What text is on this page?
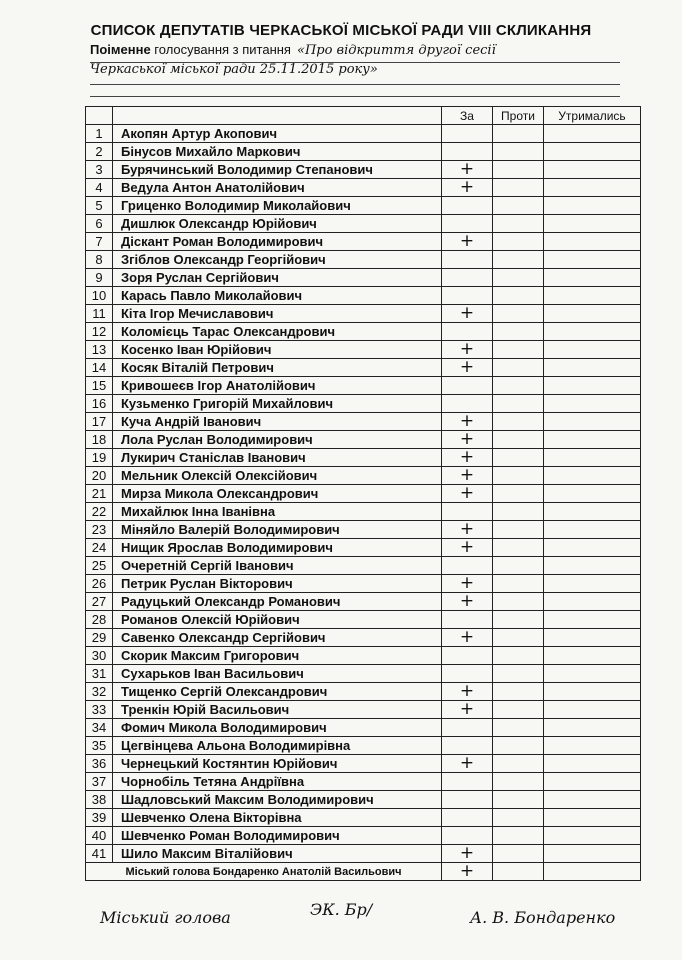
СПИСОК ДЕПУТАТІВ ЧЕРКАСЬКОЇ МІСЬКОЇ РАДИ VIII СКЛИКАННЯ
Поіменне голосування з питання «Про відкриття другої сесії
Черкаської міської ради 25.11.2015 року»
		За	Проти	Утримались
1	Акопян Артур Акопович			
2	Бінусов Михайло Маркович			
3	Бурячинський Володимир Степанович	+		
4	Ведула Антон Анатолійович	+		
5	Гриценко Володимир Миколайович			
6	Дишлюк Олександр Юрійович			
7	Діскант Роман Володимирович	+		
8	Згіблов Олександр Георгійович			
9	Зоря Руслан Сергійович			
10	Карась Павло Миколайович			
11	Кіта Ігор Мечиславович	+		
12	Коломієць Тарас Олександрович			
13	Косенко Іван Юрійович	+		
14	Косяк Віталій Петрович	+		
15	Кривошеєв Ігор Анатолійович			
16	Кузьменко Григорій Михайлович			
17	Куча Андрій Іванович	+		
18	Лола Руслан Володимирович	+		
19	Лукирич Станіслав Іванович	+		
20	Мельник Олексій Олексійович	+		
21	Мирза Микола Олександрович	+		
22	Михайлюк Інна Іванівна			
23	Міняйло Валерій Володимирович	+		
24	Нищик Ярослав Володимирович	+		
25	Очеретній Сергій Іванович			
26	Петрик Руслан Вікторович	+		
27	Радуцький Олександр Романович	+		
28	Романов Олексій Юрійович			
29	Савенко Олександр Сергійович	+		
30	Скорик Максим Григорович			
31	Сухарьков Іван Васильович			
32	Тищенко Сергій Олександрович	+		
33	Тренкін Юрій Васильович	+		
34	Фомич Микола Володимирович			
35	Цегвінцева Альона Володимирівна			
36	Чернецький Костянтин Юрійович	+		
37	Чорнобіль Тетяна Андріївна			
38	Шадловський Максим Володимирович			
39	Шевченко Олена Вікторівна			
40	Шевченко Роман Володимирович			
41	Шило Максим Віталійович	+		
Міський голова Бондаренко Анатолій Васильович		+		
Міський голова	ЭК. Бр/	А. В. Бондаренко
